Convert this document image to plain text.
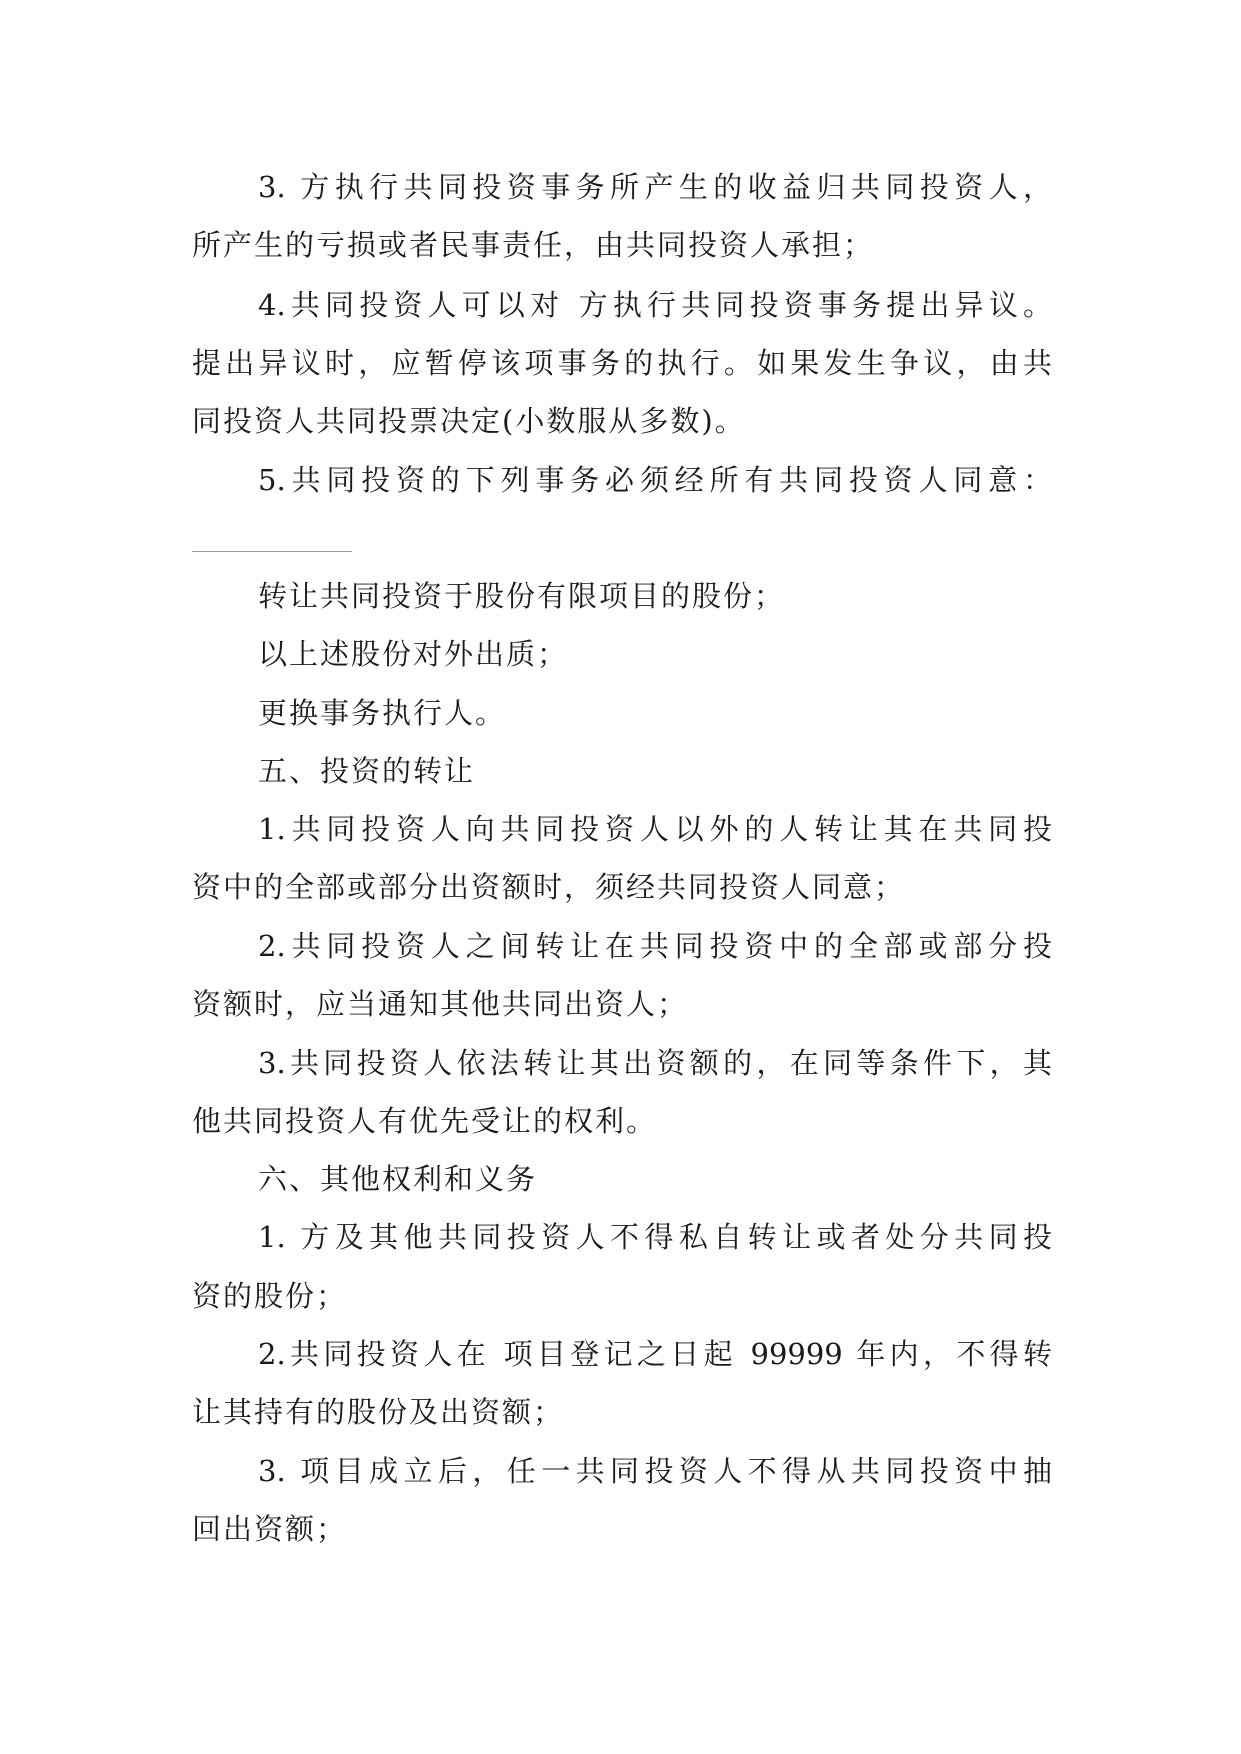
3. 方执行共同投资事务所产生的收益归共同投资人，
所产生的亏损或者民事责任，由共同投资人承担；
4.共同投资人可以对 方执行共同投资事务提出异议。
提出异议时，应暂停该项事务的执行。如果发生争议，由共
同投资人共同投票决定(小数服从多数)。
5.共同投资的下列事务必须经所有共同投资人同意：
转让共同投资于股份有限项目的股份；
以上述股份对外出质；
更换事务执行人。
五、投资的转让
1.共同投资人向共同投资人以外的人转让其在共同投
资中的全部或部分出资额时，须经共同投资人同意；
2.共同投资人之间转让在共同投资中的全部或部分投
资额时，应当通知其他共同出资人；
3.共同投资人依法转让其出资额的，在同等条件下，其
他共同投资人有优先受让的权利。
六、其他权利和义务
1. 方及其他共同投资人不得私自转让或者处分共同投
资的股份；
2.共同投资人在 项目登记之日起 99999 年内，不得转
让其持有的股份及出资额；
3. 项目成立后，任一共同投资人不得从共同投资中抽
回出资额；
